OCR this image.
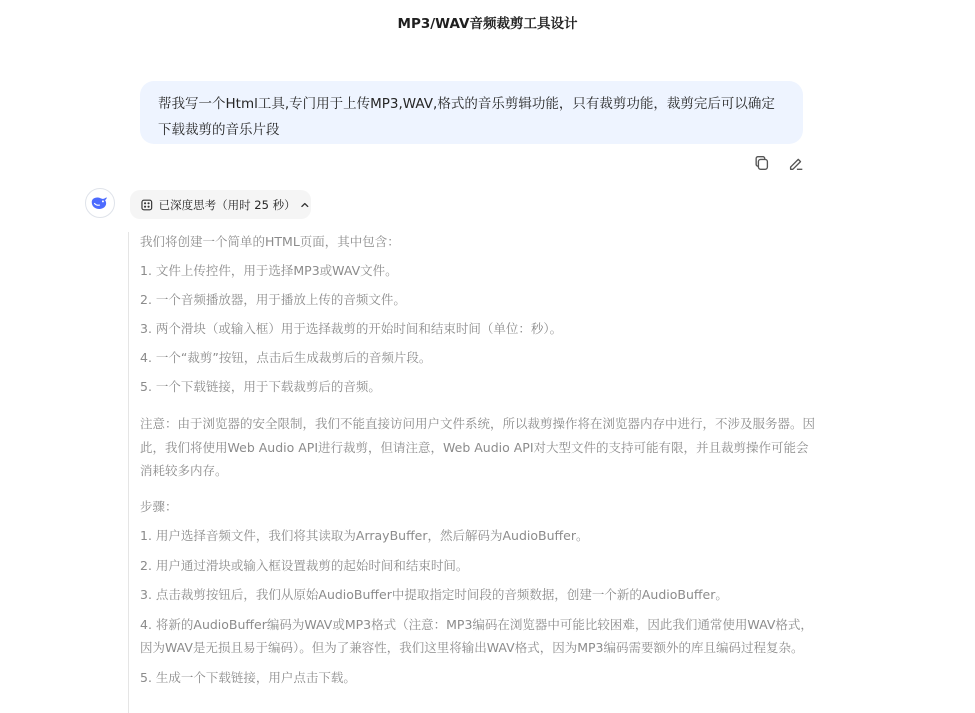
MP3/WAV音频裁剪工具设计
帮我写一个Html工具,专门用于上传MP3,WAV,格式的音乐剪辑功能，只有裁剪功能，裁剪完后可以确定下载裁剪的音乐片段
已深度思考（用时 25 秒）
我们将创建一个简单的HTML页面，其中包含：
1. 文件上传控件，用于选择MP3或WAV文件。
2. 一个音频播放器，用于播放上传的音频文件。
3. 两个滑块（或输入框）用于选择裁剪的开始时间和结束时间（单位：秒）。
4. 一个“裁剪”按钮，点击后生成裁剪后的音频片段。
5. 一个下载链接，用于下载裁剪后的音频。
注意：由于浏览器的安全限制，我们不能直接访问用户文件系统，所以裁剪操作将在浏览器内存中进行，不涉及服务器。因此，我们将使用Web Audio API进行裁剪，但请注意，Web Audio API对大型文件的支持可能有限，并且裁剪操作可能会消耗较多内存。
步骤：
1. 用户选择音频文件，我们将其读取为ArrayBuffer，然后解码为AudioBuffer。
2. 用户通过滑块或输入框设置裁剪的起始时间和结束时间。
3. 点击裁剪按钮后，我们从原始AudioBuffer中提取指定时间段的音频数据，创建一个新的AudioBuffer。
4. 将新的AudioBuffer编码为WAV或MP3格式（注意：MP3编码在浏览器中可能比较困难，因此我们通常使用WAV格式，因为WAV是无损且易于编码）。但为了兼容性，我们这里将输出WAV格式，因为MP3编码需要额外的库且编码过程复杂。
5. 生成一个下载链接，用户点击下载。
